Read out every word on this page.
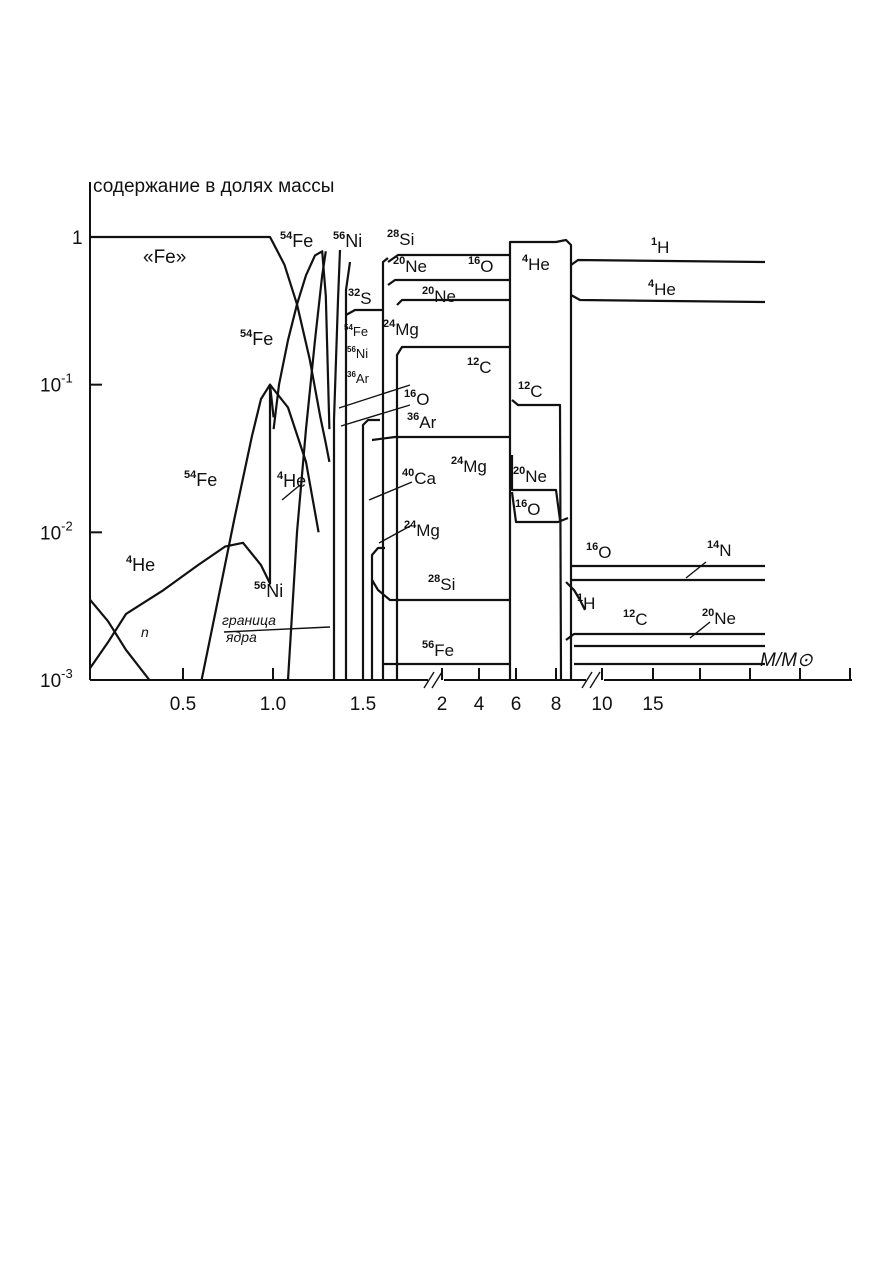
содержание в долях массы
1
$10^{-1}$
$10^{-2}$
$10^{-3}$
0.5	1.0	1.5	2 4 6 8 10 15
M/M⊙
«Fe»
n
граница
ядра
$^{54}$Fe $^{56}$Ni $^{28}$Si
$^{20}$Ne	$^{16}$O	$^4$He
$^1$H
$^{32}$S	$^{20}$Ne
$^4$He
$^{54}$Fe
$^{54}$Fe $^{24}$Mg
$^{56}$Ni
$^{12}$C
$^{36}$Ar	$^{12}$C
$^{16}$O
$^{36}$Ar
$^{54}$Fe	$^4$He	$^{40}$Ca
$^{24}$Mg $^{20}$Ne
$^{16}$O
$^{24}$Mg
$^4$He
$^{16}$O	$^{14}$N
$^{56}$Ni
$^{28}$Si
$^1$H
$^{12}$C	$^{20}$Ne
$^{56}$Fe
